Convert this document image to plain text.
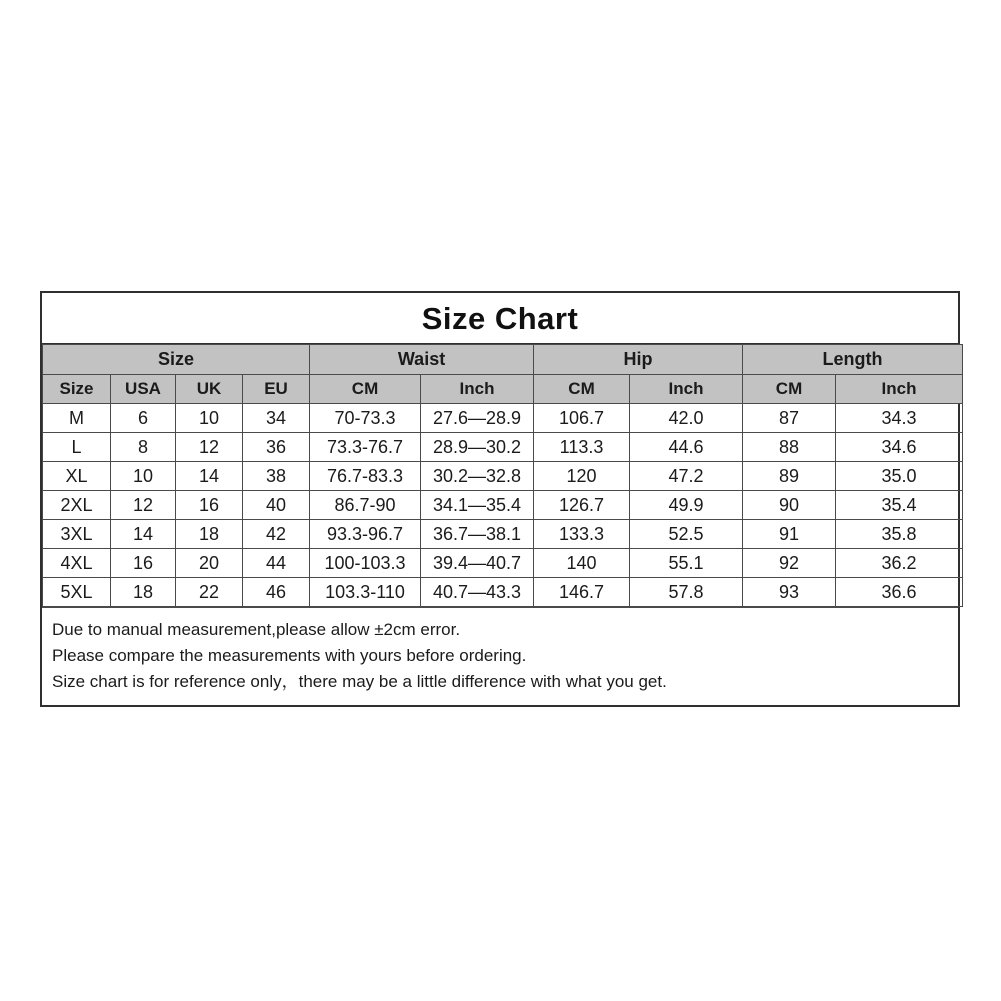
Size Chart
Size				Waist		Hip		Length	
Size	USA	UK	EU	CM	Inch	CM	Inch	CM	Inch
M	6	10	34	70-73.3	27.6—28.9	106.7	42.0	87	34.3
L	8	12	36	73.3-76.7	28.9—30.2	113.3	44.6	88	34.6
XL	10	14	38	76.7-83.3	30.2—32.8	120	47.2	89	35.0
2XL	12	16	40	86.7-90	34.1—35.4	126.7	49.9	90	35.4
3XL	14	18	42	93.3-96.7	36.7—38.1	133.3	52.5	91	35.8
4XL	16	20	44	100-103.3	39.4—40.7	140	55.1	92	36.2
5XL	18	22	46	103.3-110	40.7—43.3	146.7	57.8	93	36.6
Due to manual measurement,please allow ±2cm error.
Please compare the measurements with yours before ordering.
Size chart is for reference only，there may be a little difference with what you get.
